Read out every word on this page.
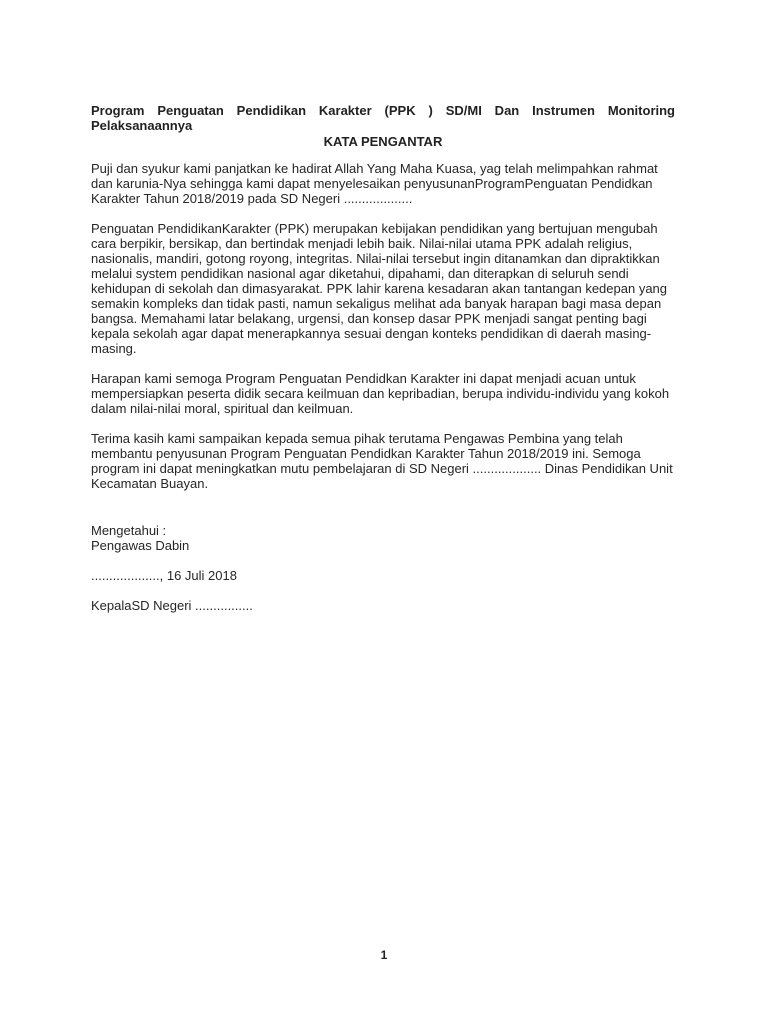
Program Penguatan Pendidikan Karakter (PPK ) SD/MI Dan Instrumen Monitoring Pelaksanaannya

KATA PENGANTAR

Puji dan syukur kami panjatkan ke hadirat Allah Yang Maha Kuasa, yag telah melimpahkan rahmat dan karunia-Nya sehingga kami dapat menyelesaikan penyusunanProgramPenguatan Pendidkan Karakter Tahun 2018/2019 pada SD Negeri ...................

Penguatan PendidikanKarakter (PPK) merupakan kebijakan pendidikan yang bertujuan mengubah cara berpikir, bersikap, dan bertindak menjadi lebih baik. Nilai-nilai utama PPK adalah religius, nasionalis, mandiri, gotong royong, integritas. Nilai-nilai tersebut ingin ditanamkan dan dipraktikkan melalui system pendidikan nasional agar diketahui, dipahami, dan diterapkan di seluruh sendi kehidupan di sekolah dan dimasyarakat. PPK lahir karena kesadaran akan tantangan kedepan yang semakin kompleks dan tidak pasti, namun sekaligus melihat ada banyak harapan bagi masa depan bangsa. Memahami latar belakang, urgensi, dan konsep dasar PPK menjadi sangat penting bagi kepala sekolah agar dapat menerapkannya sesuai dengan konteks pendidikan di daerah masing-masing.

Harapan kami semoga Program Penguatan Pendidkan Karakter ini dapat menjadi acuan untuk mempersiapkan peserta didik secara keilmuan dan kepribadian, berupa individu-individu yang kokoh dalam nilai-nilai moral, spiritual dan keilmuan.

Terima kasih kami sampaikan kepada semua pihak terutama Pengawas Pembina yang telah membantu penyusunan Program Penguatan Pendidkan Karakter Tahun 2018/2019 ini. Semoga program ini dapat meningkatkan mutu pembelajaran di SD Negeri ................... Dinas Pendidikan Unit Kecamatan Buayan.

Mengetahui :

Pengawas Dabin

..................., 16 Juli 2018

KepalaSD Negeri ................

1
